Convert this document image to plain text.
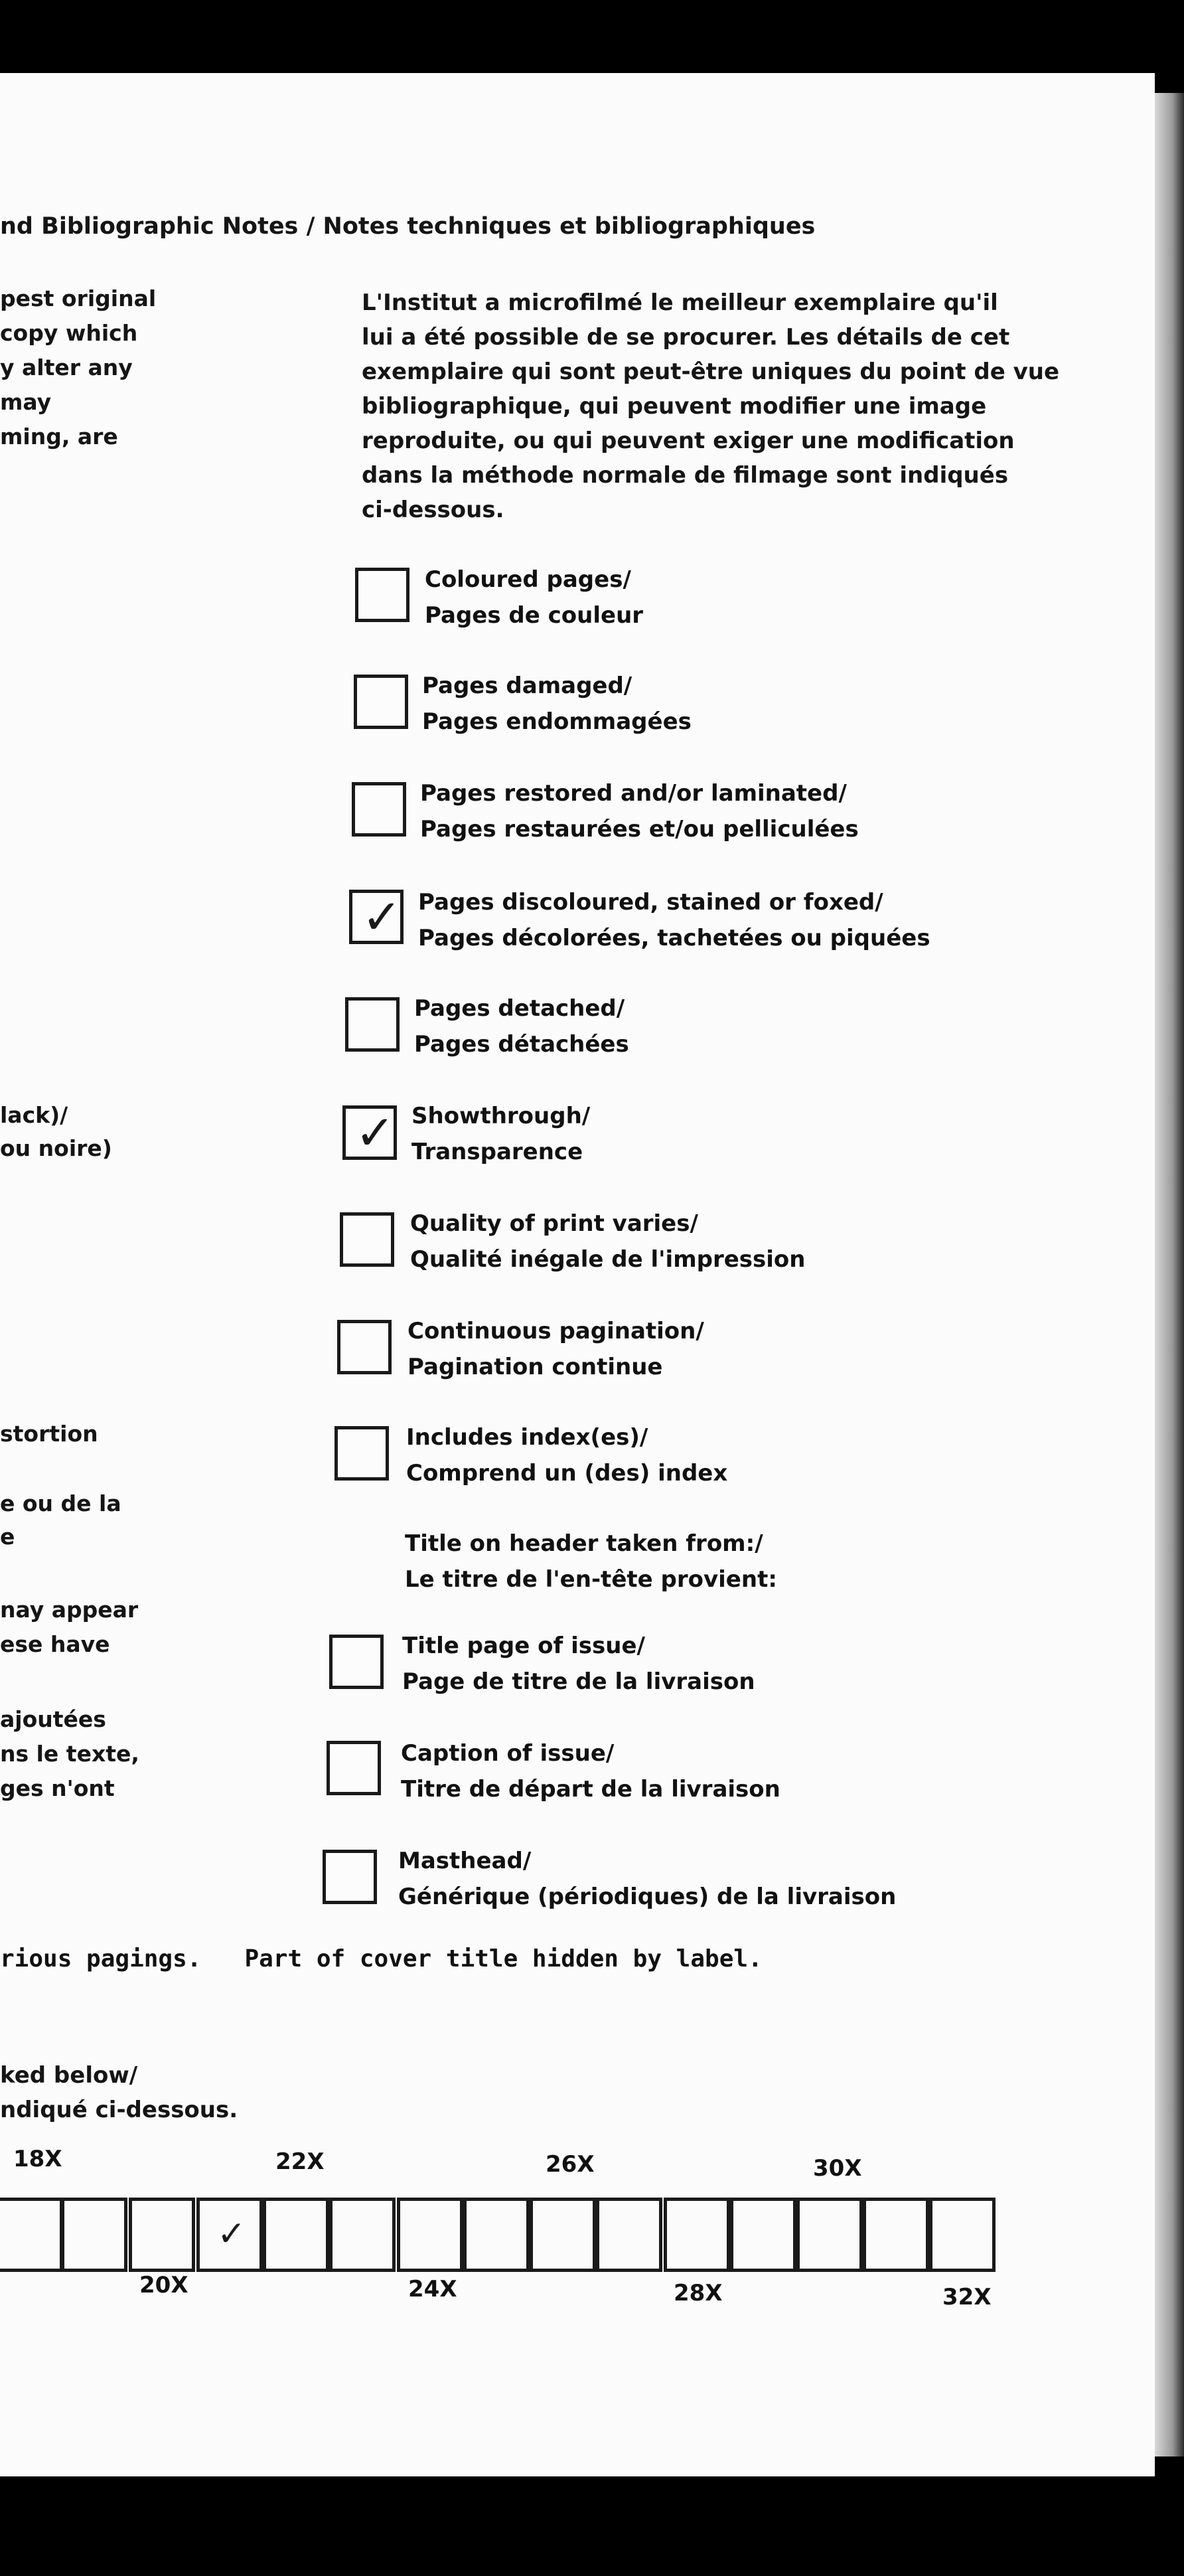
nd Bibliographic Notes / Notes techniques et bibliographiques
pest original
copy which
y alter any
may
ming, are
L'Institut a microfilmé le meilleur exemplaire qu'il
lui a été possible de se procurer. Les détails de cet
exemplaire qui sont peut-être uniques du point de vue
bibliographique, qui peuvent modifier une image
reproduite, ou qui peuvent exiger une modification
dans la méthode normale de filmage sont indiqués
ci-dessous.
Coloured pages/
Pages de couleur
Pages damaged/
Pages endommagées
Pages restored and/or laminated/
Pages restaurées et/ou pelliculées
✓
Pages discoloured, stained or foxed/
Pages décolorées, tachetées ou piquées
Pages detached/
Pages détachées
✓
Showthrough/
Transparence
Quality of print varies/
Qualité inégale de l'impression
Continuous pagination/
Pagination continue
Includes index(es)/
Comprend un (des) index
Title on header taken from:/
Le titre de l'en-tête provient:
Title page of issue/
Page de titre de la livraison
Caption of issue/
Titre de départ de la livraison
Masthead/
Générique (périodiques) de la livraison
lack)/
ou noire)
stortion
e ou de la
e
nay appear
ese have
ajoutées
ns le texte,
ges n'ont
rious pagings.   Part of cover title hidden by label.
ked below/
ndiqué ci-dessous.
18X	22X	26X	30X
✓
20X	24X	28X	32X
